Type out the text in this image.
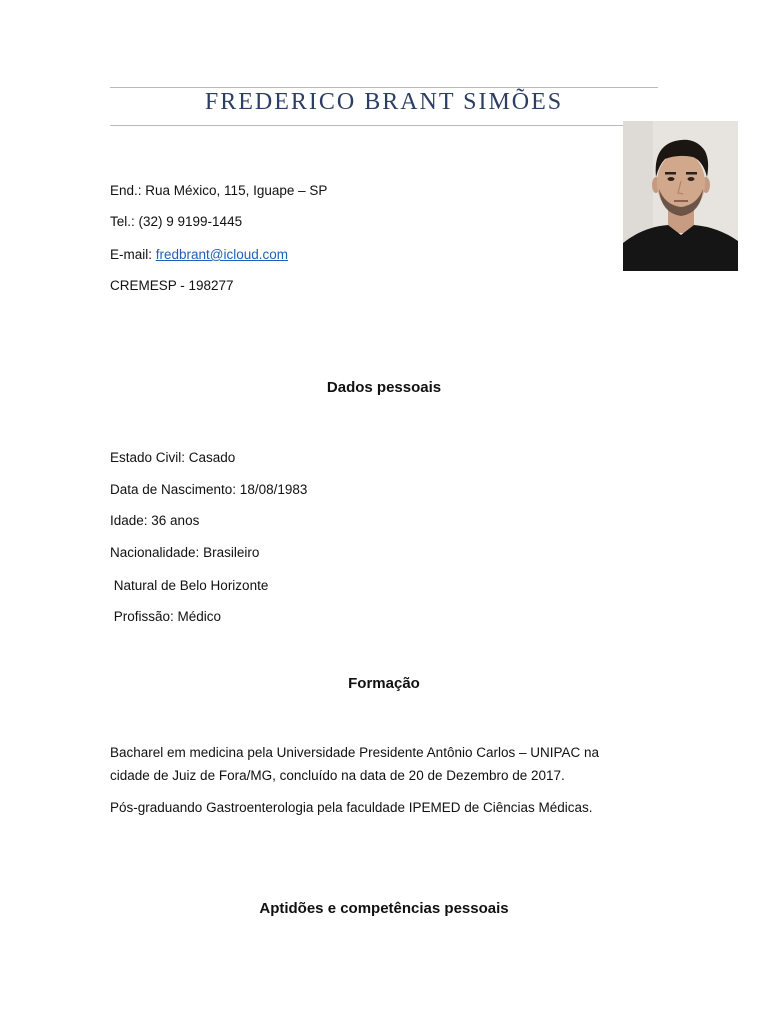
FREDERICO BRANT SIMÕES
End.: Rua México, 115, Iguape – SP
Tel.: (32) 9 9199-1445
E-mail: fredbrant@icloud.com
CREMESP - 198277
Dados pessoais
Estado Civil: Casado
Data de Nascimento: 18/08/1983
Idade: 36 anos
Nacionalidade: Brasileiro
Natural de Belo Horizonte
Profissão: Médico
Formação
Bacharel em medicina pela Universidade Presidente Antônio Carlos – UNIPAC na cidade de Juiz de Fora/MG, concluído na data de 20 de Dezembro de 2017.
Pós-graduando Gastroenterologia pela faculdade IPEMED de Ciências Médicas.
Aptidões e competências pessoais
